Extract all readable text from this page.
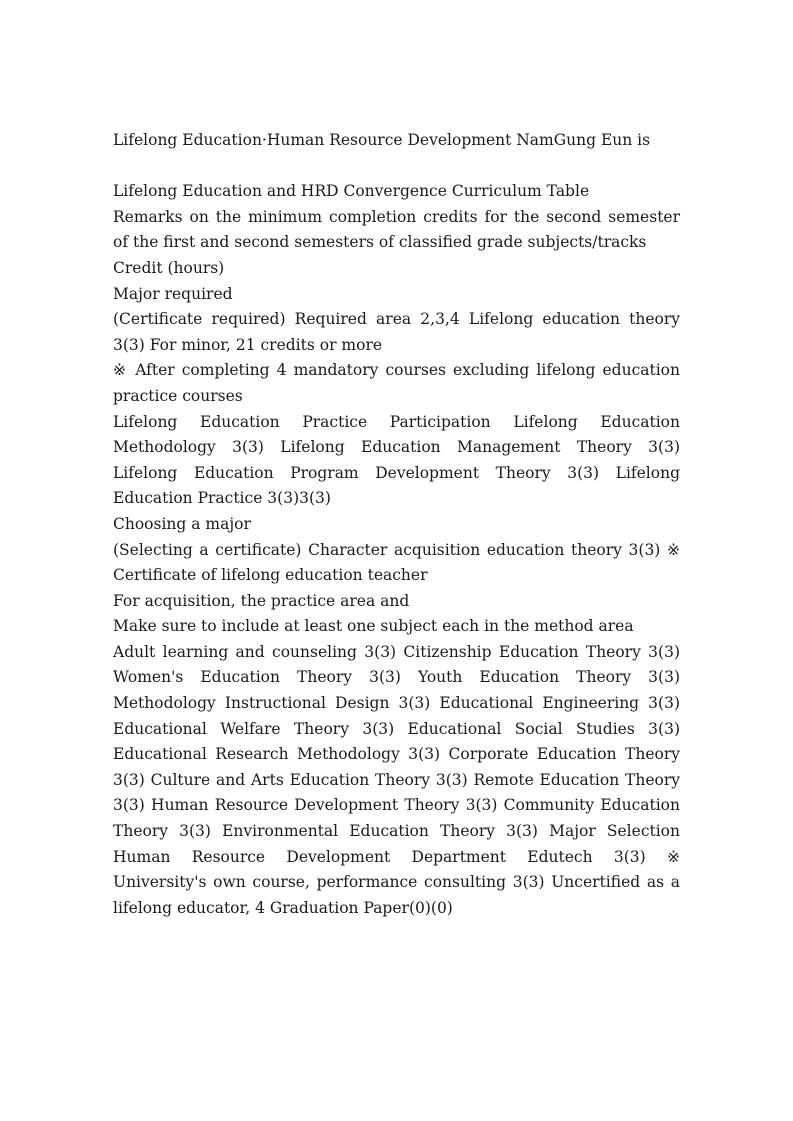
Lifelong Education·Human Resource Development NamGung Eun is
Lifelong Education and HRD Convergence Curriculum Table
Remarks on the minimum completion credits for the second semester of the first and second semesters of classified grade subjects/tracks
Credit (hours)
Major required
(Certificate required) Required area 2,3,4 Lifelong education theory 3(3) For minor, 21 credits or more
※ After completing 4 mandatory courses excluding lifelong education practice courses
Lifelong Education Practice Participation Lifelong Education Methodology 3(3) Lifelong Education Management Theory 3(3) Lifelong Education Program Development Theory 3(3) Lifelong Education Practice 3(3)3(3)
Choosing a major
(Selecting a certificate) Character acquisition education theory 3(3) ※ Certificate of lifelong education teacher
For acquisition, the practice area and
Make sure to include at least one subject each in the method area
Adult learning and counseling 3(3) Citizenship Education Theory 3(3) Women's Education Theory 3(3) Youth Education Theory 3(3) Methodology Instructional Design 3(3) Educational Engineering 3(3) Educational Welfare Theory 3(3) Educational Social Studies 3(3) Educational Research Methodology 3(3) Corporate Education Theory 3(3) Culture and Arts Education Theory 3(3) Remote Education Theory 3(3) Human Resource Development Theory 3(3) Community Education Theory 3(3) Environmental Education Theory 3(3) Major Selection Human Resource Development Department Edutech 3(3) ※ University's own course, performance consulting 3(3) Uncertified as a lifelong educator, 4 Graduation Paper(0)(0)
